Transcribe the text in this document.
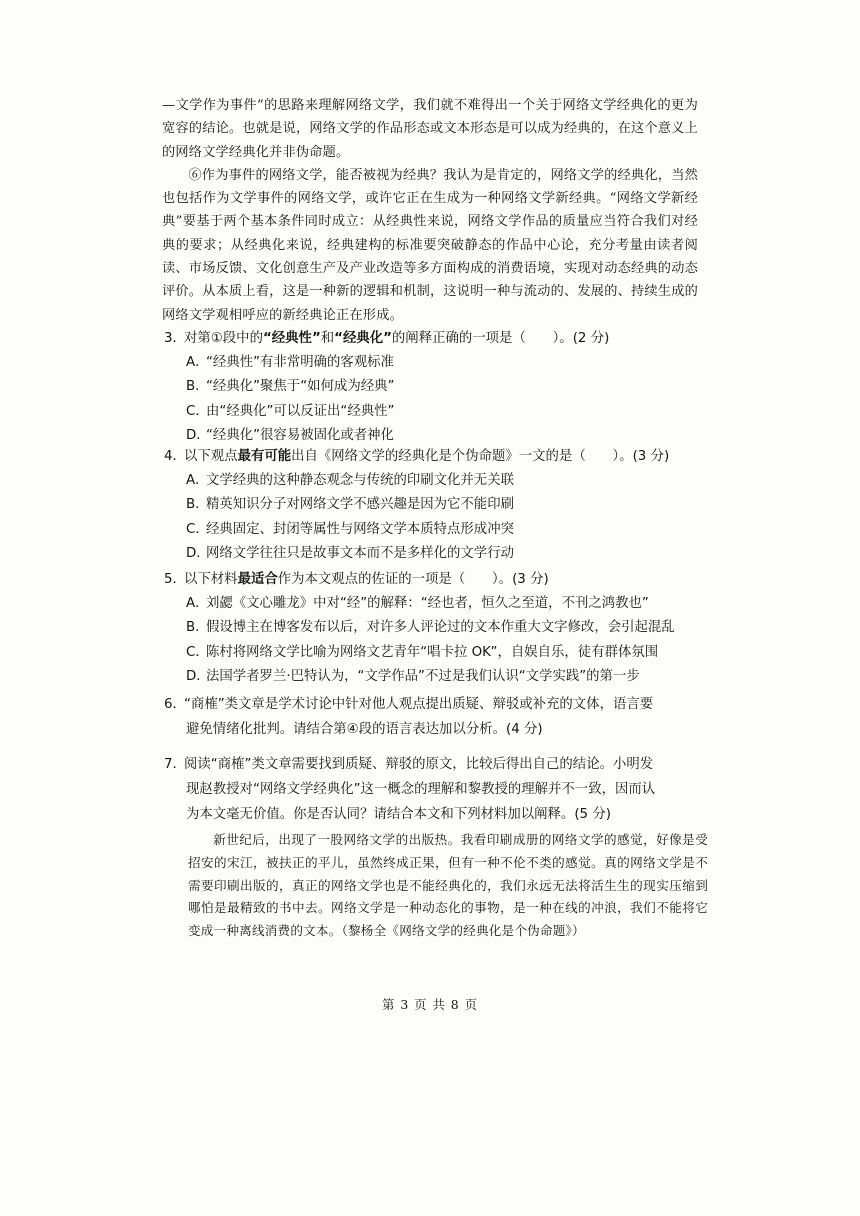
—文学作为事件”的思路来理解网络文学，我们就不难得出一个关于网络文学经典化的更为宽容的结论。也就是说，网络文学的作品形态或文本形态是可以成为经典的，在这个意义上的网络文学经典化并非伪命题。

⑥作为事件的网络文学，能否被视为经典？我认为是肯定的，网络文学的经典化，当然也包括作为文学事件的网络文学，或许它正在生成为一种网络文学新经典。“网络文学新经典”要基于两个基本条件同时成立：从经典性来说，网络文学作品的质量应当符合我们对经典的要求；从经典化来说，经典建构的标准要突破静态的作品中心论，充分考量由读者阅读、市场反馈、文化创意生产及产业改造等多方面构成的消费语境，实现对动态经典的动态评价。从本质上看，这是一种新的逻辑和机制，这说明一种与流动的、发展的、持续生成的网络文学观相呼应的新经典论正在形成。

3．对第①段中的“经典性”和“经典化”的阐释正确的一项是（　　）。(2 分)
A．“经典性”有非常明确的客观标准
B．“经典化”聚焦于“如何成为经典”
C．由“经典化”可以反证出“经典性”
D．“经典化”很容易被固化或者神化
4．以下观点最有可能出自《网络文学的经典化是个伪命题》一文的是（　　）。(3 分)
A．文学经典的这种静态观念与传统的印刷文化并无关联
B．精英知识分子对网络文学不感兴趣是因为它不能印刷
C．经典固定、封闭等属性与网络文学本质特点形成冲突
D．网络文学往往只是故事文本而不是多样化的文学行动
5．以下材料最适合作为本文观点的佐证的一项是（　　）。(3 分)
A．刘勰《文心雕龙》中对“经”的解释：“经也者，恒久之至道，不刊之鸿教也”
B．假设博主在博客发布以后，对许多人评论过的文本作重大文字修改，会引起混乱
C．陈村将网络文学比喻为网络文艺青年“唱卡拉 OK”，自娱自乐，徒有群体氛围
D．法国学者罗兰·巴特认为，“文学作品”不过是我们认识“文学实践”的第一步
6．“商榷”类文章是学术讨论中针对他人观点提出质疑、辩驳或补充的文体，语言要
避免情绪化批判。请结合第④段的语言表达加以分析。(4 分)
7．阅读“商榷”类文章需要找到质疑、辩驳的原文，比较后得出自己的结论。小明发
现赵教授对“网络文学经典化”这一概念的理解和黎教授的理解并不一致，因而认
为本文毫无价值。你是否认同？请结合本文和下列材料加以阐释。(5 分)
新世纪后，出现了一股网络文学的出版热。我看印刷成册的网络文学的感觉，好像是受招安的宋江，被扶正的平儿，虽然终成正果，但有一种不伦不类的感觉。真的网络文学是不需要印刷出版的，真正的网络文学也是不能经典化的，我们永远无法将活生生的现实压缩到哪怕是最精致的书中去。网络文学是一种动态化的事物，是一种在线的冲浪，我们不能将它变成一种离线消费的文本。（黎杨全《网络文学的经典化是个伪命题》）
第 3 页 共 8 页
